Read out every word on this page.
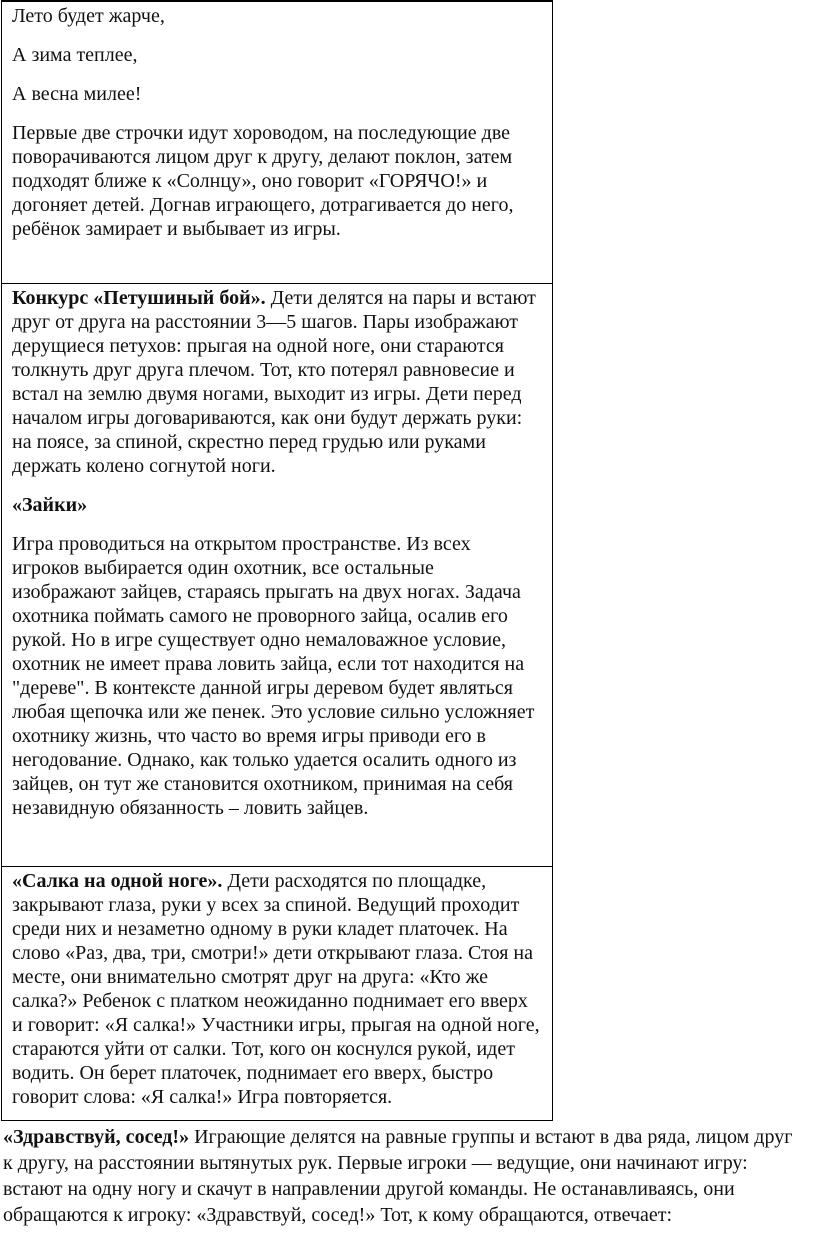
Лето будет жарче,

А зима теплее,

А весна милее!

Первые две строчки идут хороводом, на последующие две поворачиваются лицом друг к другу, делают поклон, затем подходят ближе к «Солнцу», оно говорит «ГОРЯЧО!» и догоняет детей. Догнав играющего, дотрагивается до него, ребёнок замирает и выбывает из игры.

Конкурс «Петушиный бой». Дети делятся на пары и встают друг от друга на расстоянии 3—5 шагов. Пары изображают дерущиеся петухов: прыгая на одной ноге, они стараются толкнуть друг друга плечом. Тот, кто потерял равновесие и встал на землю двумя ногами, выходит из игры. Дети перед началом игры договариваются, как они будут держать руки: на поясе, за спиной, скрестно перед грудью или руками держать колено согнутой ноги.

«Зайки»

Игра проводиться на открытом пространстве. Из всех игроков выбирается один охотник, все остальные изображают зайцев, стараясь прыгать на двух ногах. Задача охотника поймать самого не проворного зайца, осалив его рукой. Но в игре существует одно немаловажное условие, охотник не имеет права ловить зайца, если тот находится на "дереве". В контексте данной игры деревом будет являться любая щепочка или же пенек. Это условие сильно усложняет охотнику жизнь, что часто во время игры приводи его в негодование. Однако, как только удается осалить одного из зайцев, он тут же становится охотником, принимая на себя незавидную обязанность – ловить зайцев.

«Салка на одной ноге». Дети расходятся по площадке, закрывают глаза, руки у всех за спиной. Ведущий проходит среди них и незаметно одному в руки кладет платочек. На слово «Раз, два, три, смотри!» дети открывают глаза. Стоя на месте, они внимательно смотрят друг на друга: «Кто же салка?» Ребенок с платком неожиданно поднимает его вверх и говорит: «Я салка!» Участники игры, прыгая на одной ноге, стараются уйти от салки. Тот, кого он коснулся рукой, идет водить. Он берет платочек, поднимает его вверх, быстро говорит слова: «Я салка!» Игра повторяется.

«Здравствуй, сосед!» Играющие делятся на равные группы и встают в два ряда, лицом друг к другу, на расстоянии вытянутых рук. Первые игроки — ведущие, они начинают игру: встают на одну ногу и скачут в направлении другой команды. Не останавливаясь, они обращаются к игроку: «Здравствуй, сосед!» Тот, к кому обращаются, отвечает:
